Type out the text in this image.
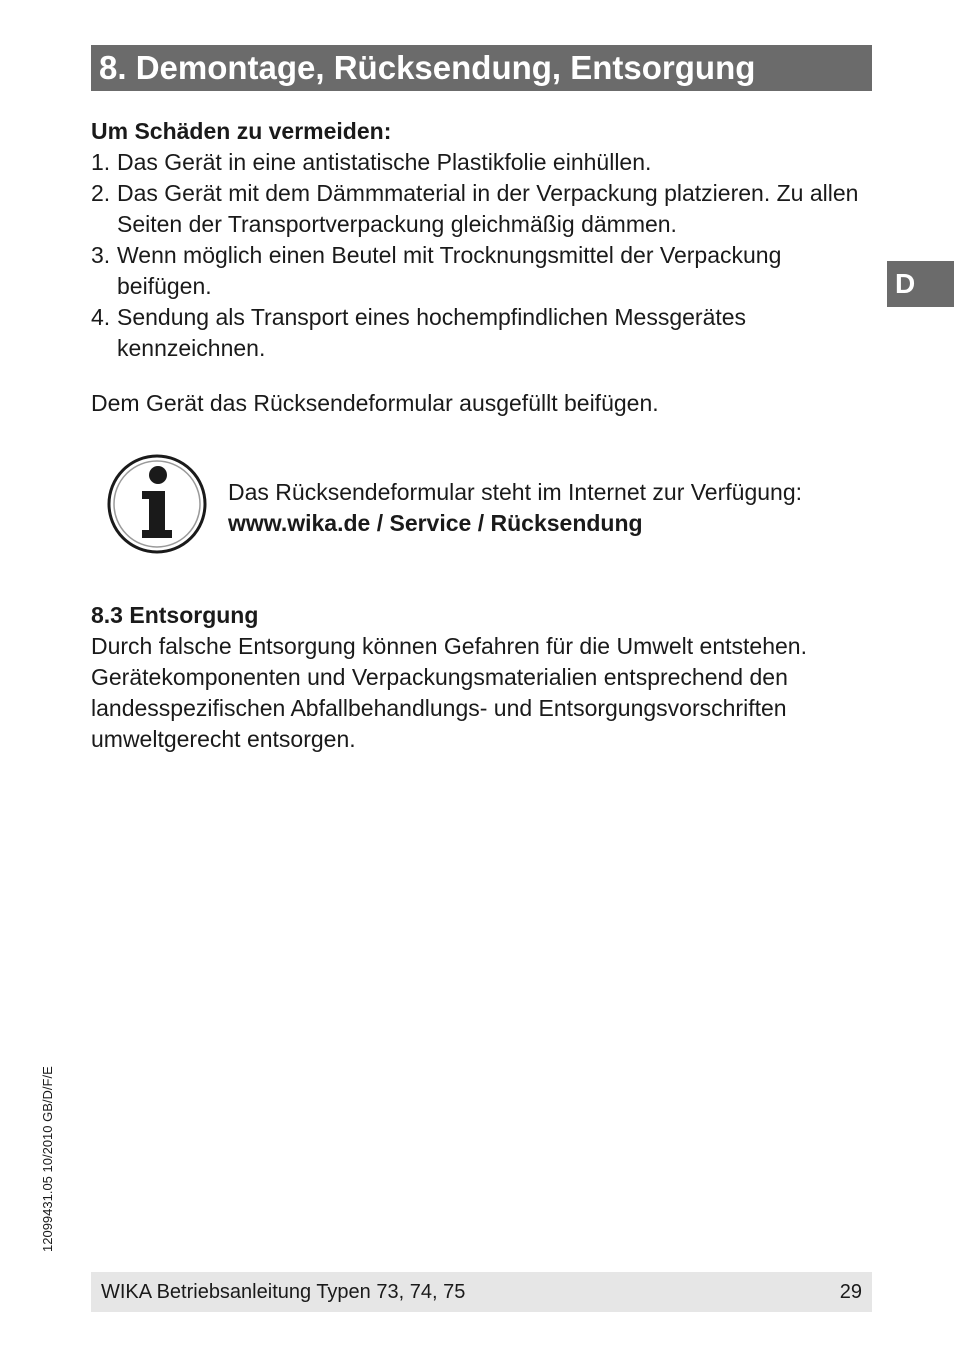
8. Demontage, Rücksendung, Entsorgung
D

Um Schäden zu vermeiden:

1. Das Gerät in eine antistatische Plastikfolie einhüllen.
2. Das Gerät mit dem Dämmmaterial in der Verpackung platzieren. Zu allen Seiten der Transportverpackung gleichmäßig dämmen.
3. Wenn möglich einen Beutel mit Trocknungsmittel der Verpackung beifügen.
4. Sendung als Transport eines hochempfindlichen Messgerätes kennzeichnen.

Dem Gerät das Rücksendeformular ausgefüllt beifügen.

Das Rücksendeformular steht im Internet zur Verfügung:

www.wika.de / Service / Rücksendung

8.3 Entsorgung

Durch falsche Entsorgung können Gefahren für die Umwelt entstehen. Gerätekomponenten und Verpackungsmaterialien entsprechend den landesspezifischen Abfallbehandlungs- und Entsorgungsvorschriften umweltgerecht entsorgen.

12099431.05 10/2010 GB/D/F/E
WIKA Betriebsanleitung Typen 73, 74, 75	29
